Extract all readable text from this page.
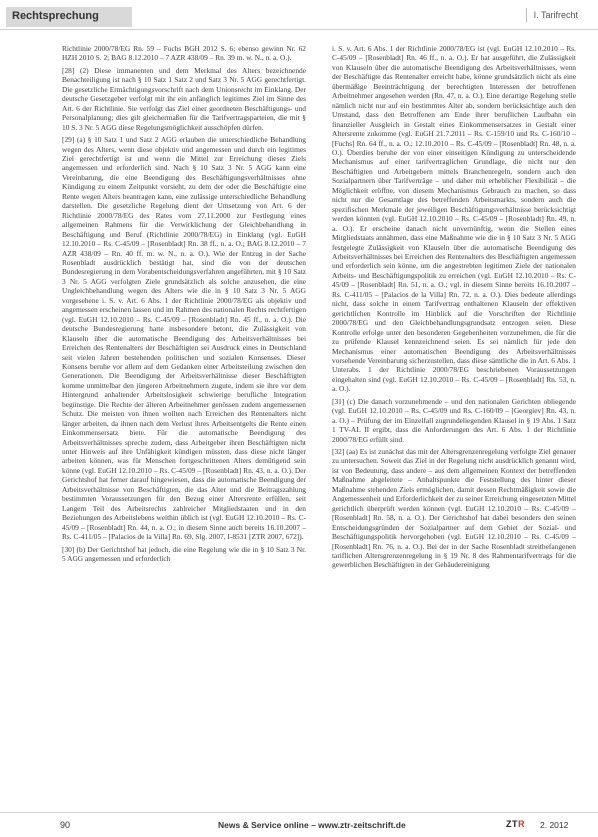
Rechtsprechung	I. Tarifrecht

Richtlinie 2000/78/EG Rn. 59 – Fuchs BGH 2012 S. 6; ebenso gewinn Nr. 62 HZH 2010 S. 2; BAG 8.12.2010 – 7 AZR 438/09 – Rn. 39 m. w. N., n. a. O.).

[28] (2) Diese immanenten und dem Merkmal des Alters bezeichnende Benachteiligung ist nach § 10 Satz 1 Satz 2 und Satz 3 Nr. 5 AGG gerechtfertigt. Die gesetzliche Ermächtigungsvorschrift nach dem Unionsrecht im Einklang. Der deutsche Gesetzgeber verfolgt mit ihr ein anfänglich legitimes Ziel im Sinne des Art. 6 der Richtlinie. Sie verfolgt das Ziel einer geordneten Beschäftigungs- und Personalplanung; dies gilt gleichermaßen für die Tarifvertragsparteien, die mit § 10 S. 3 Nr. 5 AGG diese Regelungsmöglichkeit ausschöpfen dürfen.

[29] (a) § 10 Satz 1 und Satz 2 AGG erlauben die unterschiedliche Behandlung wegen des Alters, wenn diese objektiv und angemessen und durch ein legitimes Ziel gerechtfertigt ist und wenn die Mittel zur Erreichung dieses Ziels angemessen und erforderlich sind. Nach § 10 Satz 3 Nr. 5 AGG kann eine Vereinbarung, die eine Beendigung des Beschäftigungsverhältnisses ohne Kündigung zu einem Zeitpunkt vorsieht, zu dem der oder die Beschäftigte eine Rente wegen Alters beantragen kann, eine zulässige unterschiedliche Behandlung darstellen. Die gesetzliche Regelung dient der Umsetzung von Art. 6 der Richtlinie 2000/78/EG des Rates vom 27.11.2000 zur Festlegung eines allgemeinen Rahmens für die Verwirklichung der Gleichbehandlung in Beschäftigung und Beruf (Richtlinie 2000/78/EG) in Einklang (vgl. EuGH 12.10.2010 – Rs. C-45/09 – [Rosenbladt] Rn. 38 ff., n. a. O.; BAG 8.12.2010 – 7 AZR 438/09 – Rn. 40 ff. m. w. N., n. a. O.). Wie der Entzug in der Sache Rosenbladt ausdrücklich bestätigt hat, sind die von der deutschen Bundesregierung in dem Vorabentscheidungsverfahren angeführten, mit § 10 Satz 3 Nr. 5 AGG verfolgten Ziele grundsätzlich als solche anzusehen, die eine Ungleichbehandlung wegen des Alters wie die in § 10 Satz 3 Nr. 5 AGG vorgesehene i. S. v. Art. 6 Abs. 1 der Richtlinie 2000/78/EG als objektiv und angemessen erscheinen lassen und im Rahmen des nationalen Rechts rechtfertigen (vgl. EuGH 12.10.2010 – Rs. C-45/09 – [Rosenbladt] Rn. 45 ff., n. a. O.). Die deutsche Bundesregierung hatte insbesondere betont, die Zulässigkeit von Klauseln über die automatische Beendigung des Arbeitsverhältnisses bei Erreichen des Rentenalters der Beschäftigten sei Ausdruck eines in Deutschland seit vielen Jahren bestehenden politischen und sozialen Konsenses. Dieser Konsens beruhe vor allem auf dem Gedanken einer Arbeitsteilung zwischen den Generationen. Die Beendigung der Arbeitsverhältnisse dieser Beschäftigten komme unmittelbar den jüngeren Arbeitnehmern zugute, indem sie ihre vor dem Hintergrund anhaltender Arbeitslosigkeit schwierige berufliche Integration begünstige. Die Rechte der älteren Arbeitnehmer genössen zudem angemessenen Schutz. Die meisten von ihnen wollten nach Erreichen des Rentenalters nicht länger arbeiten, da ihnen nach dem Verlust ihres Arbeitsentgelts die Rente einen Einkommensersatz biete. Für die automatische Beendigung des Arbeitsverhältnisses spreche zudem, dass Arbeitgeber ihren Beschäftigten nicht unter Hinweis auf ihre Unfähigkeit kündigen müssten, dass diese nicht länger arbeiten können, was für Menschen fortgeschrittenen Alters demütigend sein könne (vgl. EuGH 12.10.2010 – Rs. C-45/09 – [Rosenbladt] Rn. 43, n. a. O.). Der Gerichtshof hat ferner darauf hingewiesen, dass die automatische Beendigung der Arbeitsverhältnisse von Beschäftigten, die das Alter und die Beitragszahlung bestimmten Voraussetzungen für den Bezug einer Altersrente erfüllen, seit Langem Teil des Arbeitsrechts zahlreicher Mitgliedstaaten und in den Beziehungen des Arbeitslebens weithin üblich ist (vgl. EuGH 12.10.2010 – Rs. C-45/09 – [Rosenbladt] Rn. 44, n. a. O.; in diesem Sinne auch bereits 16.10.2007 – Rs. C-411/05 – [Palacios de la Villa] Rn. 69, Slg. 2007, I-8531 [ZTR 2007, 672]).

[30] (b) Der Gerichtshof hat jedoch, die eine Regelung wie die in § 10 Satz 3 Nr. 5 AGG angemessen und erforderlich

i. S. v. Art. 6 Abs. 1 der Richtlinie 2000/78/EG ist (vgl. EuGH 12.10.2010 – Rs. C-45/09 – [Rosenbladt] Rn. 46 ff., n. a. O.). Er hat ausgeführt, die Zulässigkeit von Klauseln über die automatische Beendigung des Arbeitsverhältnisses, wenn der Beschäftigte das Rentenalter erreicht habe, könne grundsätzlich nicht als eine übermäßige Beeinträchtigung der berechtigten Interessen der betroffenen Arbeitnehmer angesehen werden (Rn. 47, n. a. O.). Eine derartige Regelung stelle nämlich nicht nur auf ein bestimmtes Alter ab, sondern berücksichtige auch den Umstand, dass den Betroffenen am Ende ihrer beruflichen Laufbahn ein finanzieller Ausgleich in Gestalt eines Einkommensersatzes in Gestalt einer Altersrente zukomme (vgl. EuGH 21.7.2011 – Rs. C-159/10 und Rs. C-160/10 – [Fuchs] Rn. 64 ff., n. a. O.; 12.10.2010 – Rs. C-45/09 – [Rosenbladt] Rn. 48, n. a. O.). Überdies beruhe der von einer einseitigen Kündigung zu unterscheidende Mechanismus auf einer tarifvertraglichen Grundlage, die nicht nur den Beschäftigten und Arbeitgebern mittels Branchenregeln, sondern auch den Sozialpartnern über Tarifverträge – und daher mit erheblicher Flexibilität – die Möglichkeit eröffne, von diesem Mechanismus Gebrauch zu machen, so dass nicht nur die Gesamtlage des betreffenden Arbeitsmarkts, sondern auch die spezifischen Merkmale der jeweiligen Beschäftigungsverhältnisse berücksichtigt werden könnten (vgl. EuGH 12.10.2010 – Rs. C-45/09 – [Rosenbladt] Rn. 49, n. a. O.). Er erscheine danach nicht unvernünftig, wenn die Stellen eines Mitgliedstaats annähmen, dass eine Maßnahme wie die in § 10 Satz 3 Nr. 5 AGG festgelegte Zulässigkeit von Klauseln über die automatische Beendigung des Arbeitsverhältnisses bei Erreichen des Rentenalters des Beschäftigten angemessen und erforderlich sein könne, um die angestrebten legitimen Ziele der nationalen Arbeits- und Beschäftigungspolitik zu erreichen (vgl. EuGH 12.10.2010 – Rs. C-45/09 – [Rosenbladt] Rn. 51, n. a. O.; vgl. in diesem Sinne bereits 16.10.2007 – Rs. C-411/05 – [Palacios de la Villa] Rn. 72, n. a. O.). Dies bedeute allerdings nicht, dass solche in einem Tarifvertrag enthaltenen Klauseln der effektiven gerichtlichen Kontrolle im Hinblick auf die Vorschriften der Richtlinie 2000/78/EG und den Gleichbehandlungsgrundsatz entzogen seien. Diese Kontrolle erfolge unter den besonderen Gegebenheiten vorzunehmen, die für die zu prüfende Klausel kennzeichnend seien. Es sei nämlich für jede den Mechanismus einer automatischen Beendigung des Arbeitsverhältnisses vorsehende Vereinbarung sicherzustellen, dass diese sämtliche die in Art. 6 Abs. 1 Unterabs. 1 der Richtlinie 2000/78/EG beschriebenen Voraussetzungen eingehalten sind (vgl. EuGH 12.10.2010 – Rs. C-45/09 – [Rosenbladt] Rn. 53, n. a. O.).

[31] (c) Die danach vorzunehmende – und den nationalen Gerichten obliegende (vgl. EuGH 12.10.2010 – Rs. C-45/09 und Rs. C-160/09 – [Georgiev] Rn. 43, n. a. O.) – Prüfung der im Einzelfall zugrundeliegenden Klausel in § 19 Abs. 1 Satz 1 TV-AL II ergibt, dass die Anforderungen des Art. 6 Abs. 1 der Richtlinie 2000/78/EG erfüllt sind.

[32] (aa) Es ist zunächst das mit der Altersgrenzenregelung verfolgte Ziel genauer zu untersuchen. Soweit das Ziel in der Regelung nicht ausdrücklich genannt wird, ist von Bedeutung, dass andere – aus dem allgemeinen Kontext der betreffenden Maßnahme abgeleitete – Anhaltspunkte die Feststellung des hinter dieser Maßnahme stehenden Ziels ermöglichen, damit dessen Rechtmäßigkeit sowie die Angemessenheit und Erforderlichkeit der zu seiner Erreichung eingesetzten Mittel gerichtlich überprüft werden können (vgl. EuGH 12.10.2010 – Rs. C-45/09 – [Rosenbladt] Rn. 58, n. a. O.). Der Gerichtshof hat dabei besonders den seinen Entscheidungsgründen der Sozialpartner auf dem Gebiet der Sozial- und Beschäftigungspolitik hervorgehoben (vgl. EuGH 12.10.2010 – Rs. C-45/09 – [Rosenbladt] Rn. 76, n. a. O.). Bei der in der Sache Rosenbladt streitbefangenen tariflichen Altersgrenzenregelung in § 19 Nr. 8 des Rahmentarifvertrags für die gewerblichen Beschäftigten in der Gebäudereinigung

90	News & Service online – www.ztr-zeitschrift.de	ZTR 2. 2012
